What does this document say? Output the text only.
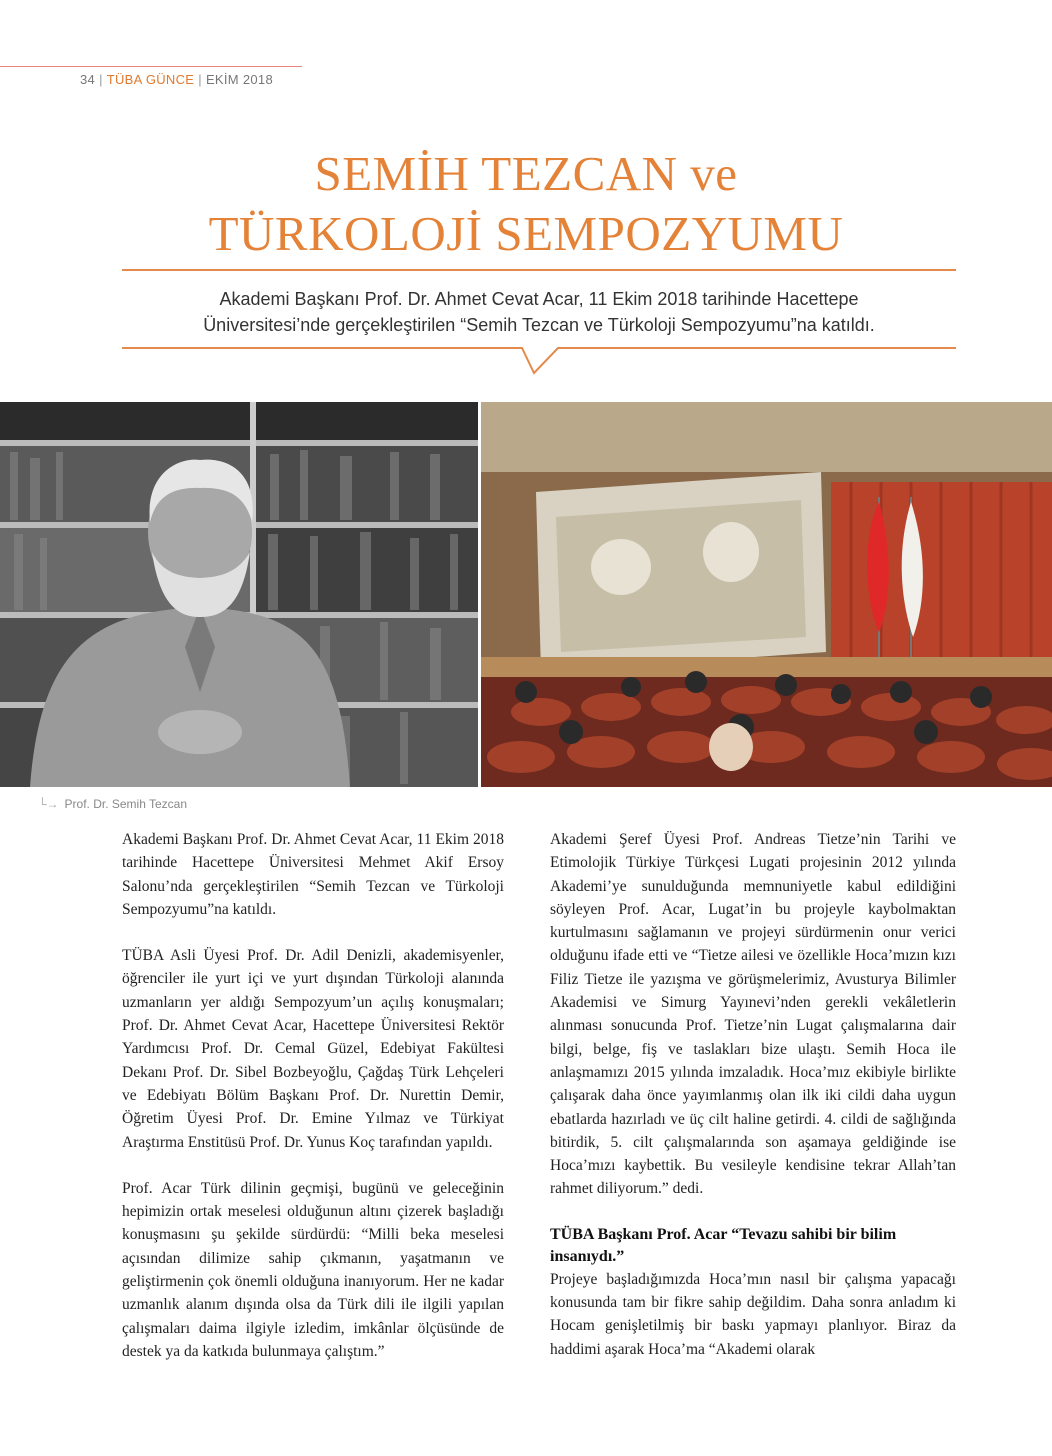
34 | TÜBA GÜNCE | EKİM 2018
SEMİH TEZCAN ve
TÜRKOLOJİ SEMPOZYUMU
Akademi Başkanı Prof. Dr. Ahmet Cevat Acar, 11 Ekim 2018 tarihinde Hacettepe
Üniversitesi’nde gerçekleştirilen “Semih Tezcan ve Türkoloji Sempozyumu”na katıldı.
└→ Prof. Dr. Semih Tezcan

Akademi Başkanı Prof. Dr. Ahmet Cevat Acar, 11 Ekim 2018 tarihinde Hacettepe Üniversitesi Mehmet Akif Ersoy Salonu’nda gerçekleştirilen “Semih Tezcan ve Türkoloji Sempozyumu”na katıldı.

TÜBA Asli Üyesi Prof. Dr. Adil Denizli, akademisyenler, öğrenciler ile yurt içi ve yurt dışından Türkoloji alanında uzmanların yer aldığı Sempozyum’un açılış konuşmaları; Prof. Dr. Ahmet Cevat Acar, Hacettepe Üniversitesi Rektör Yardımcısı Prof. Dr. Cemal Güzel, Edebiyat Fakültesi Dekanı Prof. Dr. Sibel Bozbeyoğlu, Çağdaş Türk Lehçeleri ve Edebiyatı Bölüm Başkanı Prof. Dr. Nurettin Demir, Öğretim Üyesi Prof. Dr. Emine Yılmaz ve Türkiyat Araştırma Enstitüsü Prof. Dr. Yunus Koç tarafından yapıldı.

Prof. Acar Türk dilinin geçmişi, bugünü ve geleceğinin hepimizin ortak meselesi olduğunun altını çizerek başladığı konuşmasını şu şekilde sürdürdü: “Milli beka meselesi açısından dilimize sahip çıkmanın, yaşatmanın ve geliştirmenin çok önemli olduğuna inanıyorum. Her ne kadar uzmanlık alanım dışında olsa da Türk dili ile ilgili yapılan çalışmaları daima ilgiyle izledim, imkânlar ölçüsünde de destek ya da katkıda bulunmaya çalıştım.”

Akademi Şeref Üyesi Prof. Andreas Tietze’nin Tarihi ve Etimolojik Türkiye Türkçesi Lugati projesinin 2012 yılında Akademi’ye sunulduğunda memnuniyetle kabul edildiğini söyleyen Prof. Acar, Lugat’in bu projeyle kaybolmaktan kurtulmasını sağlamanın ve projeyi sürdürmenin onur verici olduğunu ifade etti ve “Tietze ailesi ve özellikle Hoca’mızın kızı Filiz Tietze ile yazışma ve görüşmelerimiz, Avusturya Bilimler Akademisi ve Simurg Yayınevi’nden gerekli vekâletlerin alınması sonucunda Prof. Tietze’nin Lugat çalışmalarına dair bilgi, belge, fiş ve taslakları bize ulaştı. Semih Hoca ile anlaşmamızı 2015 yılında imzaladık. Hoca’mız ekibiyle birlikte çalışarak daha önce yayımlanmış olan ilk iki cildi daha uygun ebatlarda hazırladı ve üç cilt haline getirdi. 4. cildi de sağlığında bitirdik, 5. cilt çalışmalarında son aşamaya geldiğinde ise Hoca’mızı kaybettik. Bu vesileyle kendisine tekrar Allah’tan rahmet diliyorum.” dedi.

TÜBA Başkanı Prof. Acar “Tevazu sahibi bir bilim insanıydı.”

Projeye başladığımızda Hoca’mın nasıl bir çalışma yapacağı konusunda tam bir fikre sahip değildim. Daha sonra anladım ki Hocam genişletilmiş bir baskı yapmayı planlıyor. Biraz da haddimi aşarak Hoca’ma “Akademi olarak
